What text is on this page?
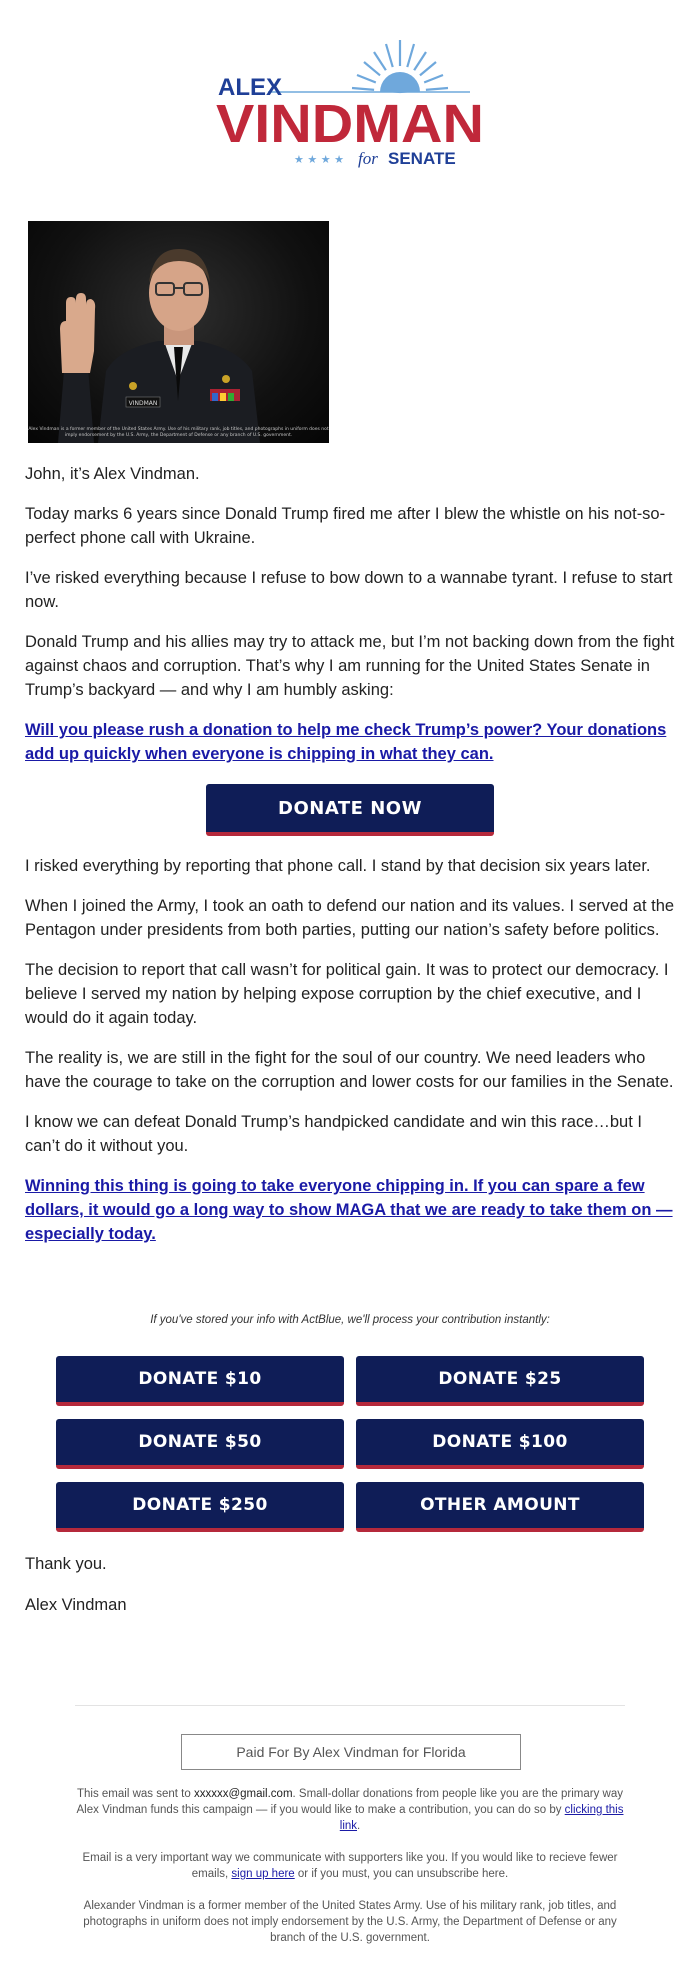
ALEX
VINDMAN
★ ★ ★ ★ for SENATE
VINDMAN
Alex Vindman is a former member of the United States Army. Use of his military rank, job titles, and photographs in uniform does not imply endorsement by the U.S. Army, the Department of Defense or any branch of U.S. government.

John, it’s Alex Vindman.

Today marks 6 years since Donald Trump fired me after I blew the whistle on his not-so-perfect phone call with Ukraine.

I’ve risked everything because I refuse to bow down to a wannabe tyrant. I refuse to start now.

Donald Trump and his allies may try to attack me, but I’m not backing down from the fight against chaos and corruption. That’s why I am running for the United States Senate in Trump’s backyard — and why I am humbly asking:

Will you please rush a donation to help me check Trump’s power? Your donations add up quickly when everyone is chipping in what they can.

DONATE NOW

I risked everything by reporting that phone call. I stand by that decision six years later.

When I joined the Army, I took an oath to defend our nation and its values. I served at the Pentagon under presidents from both parties, putting our nation’s safety before politics.

The decision to report that call wasn’t for political gain. It was to protect our democracy. I believe I served my nation by helping expose corruption by the chief executive, and I would do it again today.

The reality is, we are still in the fight for the soul of our country. We need leaders who have the courage to take on the corruption and lower costs for our families in the Senate.

I know we can defeat Donald Trump’s handpicked candidate and win this race…but I can’t do it without you.

Winning this thing is going to take everyone chipping in. If you can spare a few dollars, it would go a long way to show MAGA that we are ready to take them on — especially today.

If you've stored your info with ActBlue, we'll process your contribution instantly:
DONATE $10	DONATE $25
DONATE $50	DONATE $100
DONATE $250	OTHER AMOUNT
Thank you.
Alex Vindman
Paid For By Alex Vindman for Florida
This email was sent to xxxxxx@gmail.com. Small-dollar donations from people like you are the primary way Alex Vindman funds this campaign — if you would like to make a contribution, you can do so by clicking this link.
Email is a very important way we communicate with supporters like you. If you would like to recieve fewer emails, sign up here or if you must, you can unsubscribe here.
Alexander Vindman is a former member of the United States Army. Use of his military rank, job titles, and photographs in uniform does not imply endorsement by the U.S. Army, the Department of Defense or any branch of the U.S. government.
